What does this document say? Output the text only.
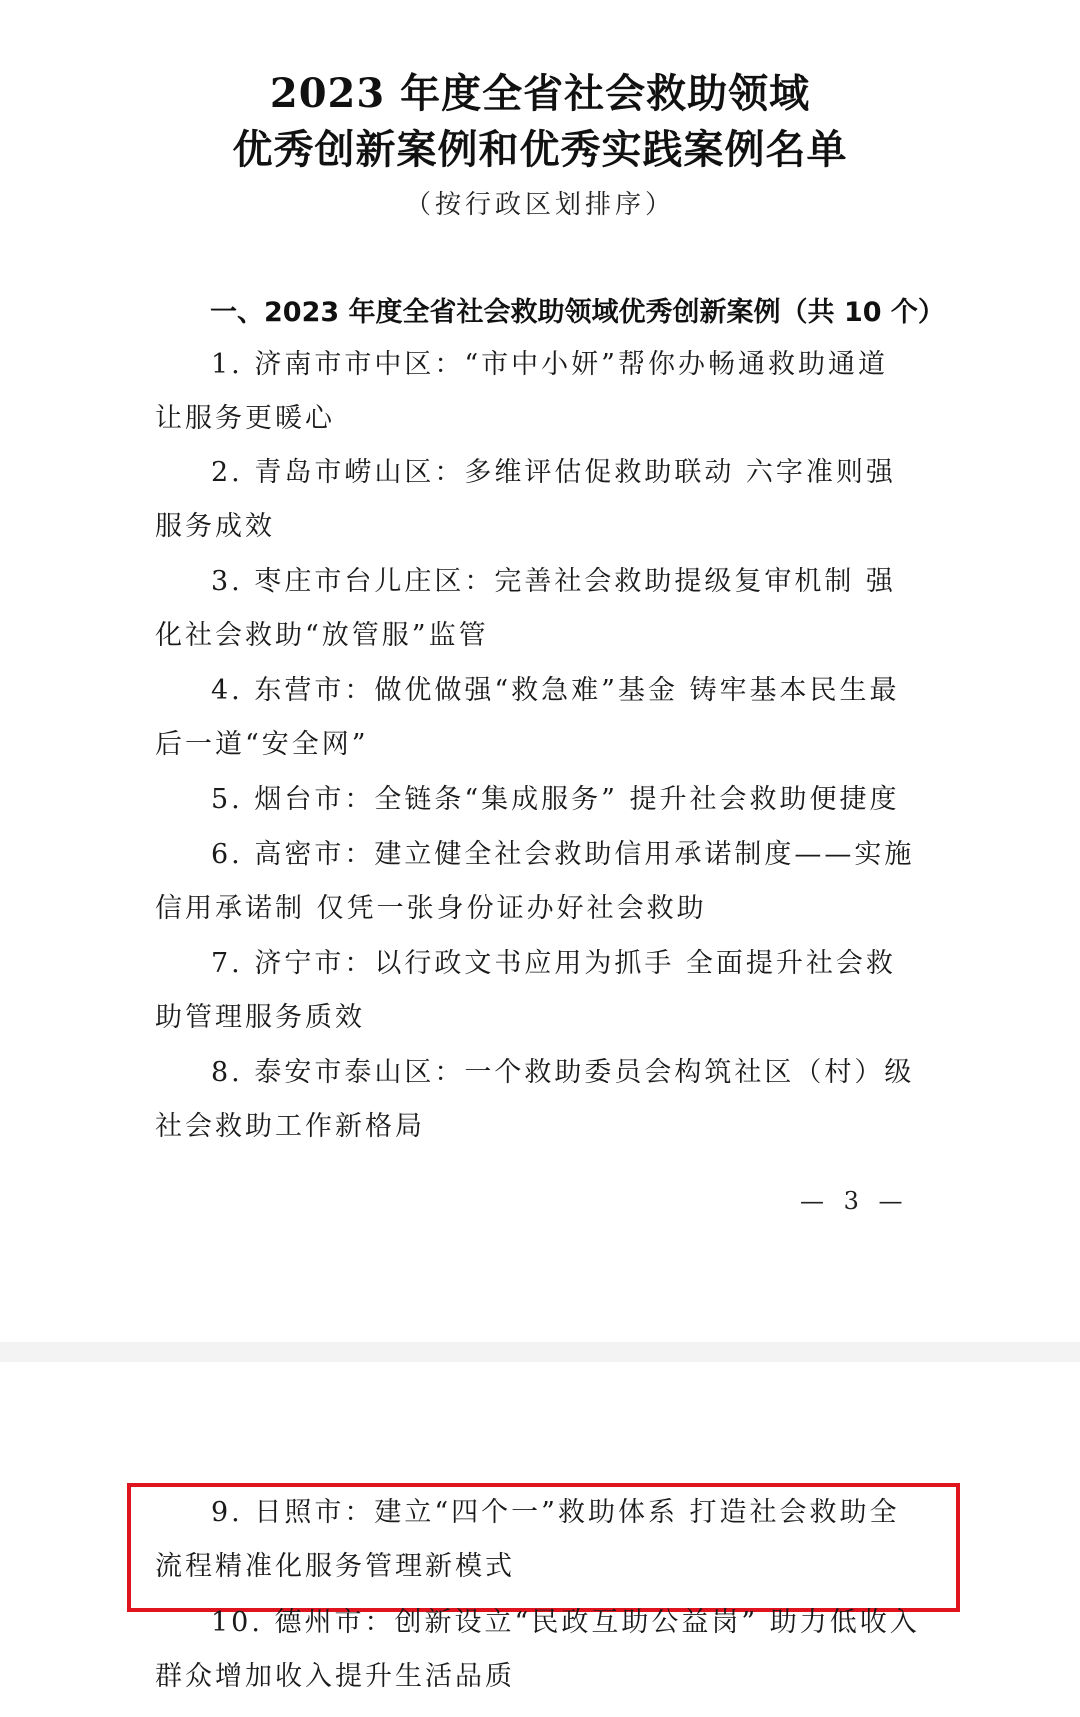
2023 年度全省社会救助领域
优秀创新案例和优秀实践案例名单
（按行政区划排序）
一、2023 年度全省社会救助领域优秀创新案例（共 10 个）

1. 济南市市中区：“市中小妍”帮你办畅通救助通道 让服务更暖心

2. 青岛市崂山区：多维评估促救助联动 六字准则强服务成效

3. 枣庄市台儿庄区：完善社会救助提级复审机制 强化社会救助“放管服”监管

4. 东营市：做优做强“救急难”基金 铸牢基本民生最后一道“安全网”

5. 烟台市：全链条“集成服务” 提升社会救助便捷度

6. 高密市：建立健全社会救助信用承诺制度——实施信用承诺制 仅凭一张身份证办好社会救助

7. 济宁市：以行政文书应用为抓手 全面提升社会救助管理服务质效

8. 泰安市泰山区：一个救助委员会构筑社区（村）级社会救助工作新格局

— 3 —

9. 日照市：建立“四个一”救助体系 打造社会救助全流程精准化服务管理新模式

10. 德州市：创新设立“民政互助公益岗” 助力低收入群众增加收入提升生活品质
